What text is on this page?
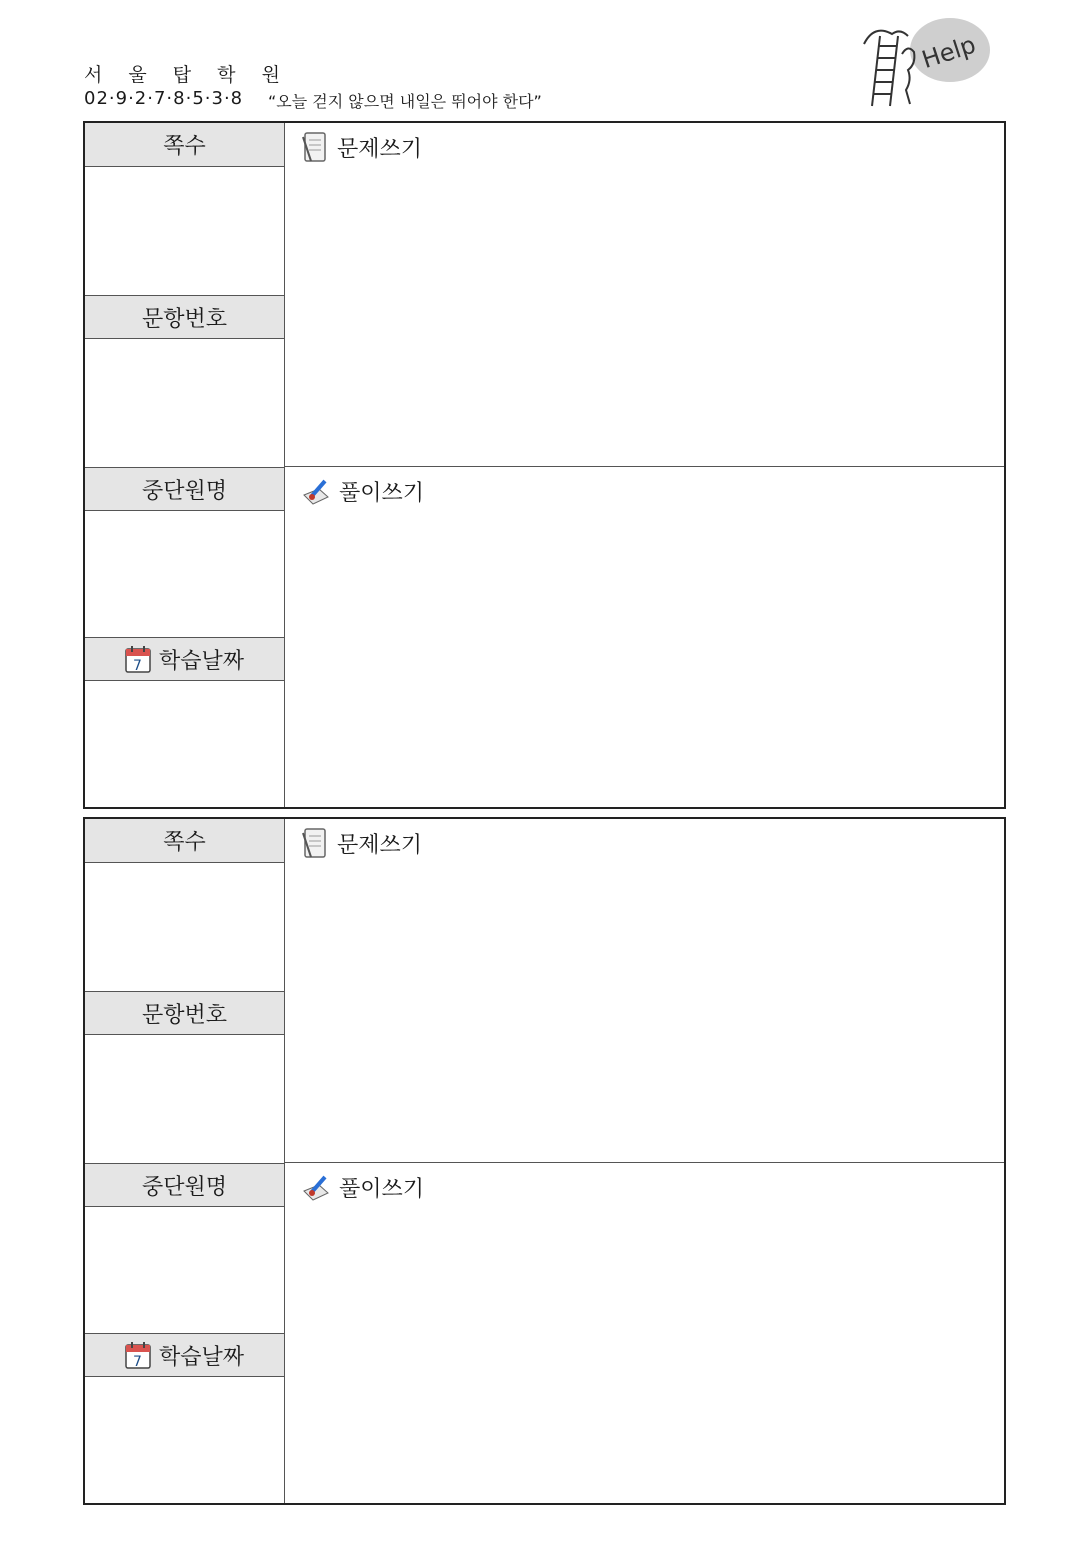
서 울 탑 학 원
02·9·2·7·8·5·3·8 “오늘 걷지 않으면 내일은 뛰어야 한다”
Help
쪽수
문항번호
중단원명
7 학습날짜
문제쓰기
풀이쓰기
쪽수
문항번호
중단원명
7 학습날짜
문제쓰기
풀이쓰기
